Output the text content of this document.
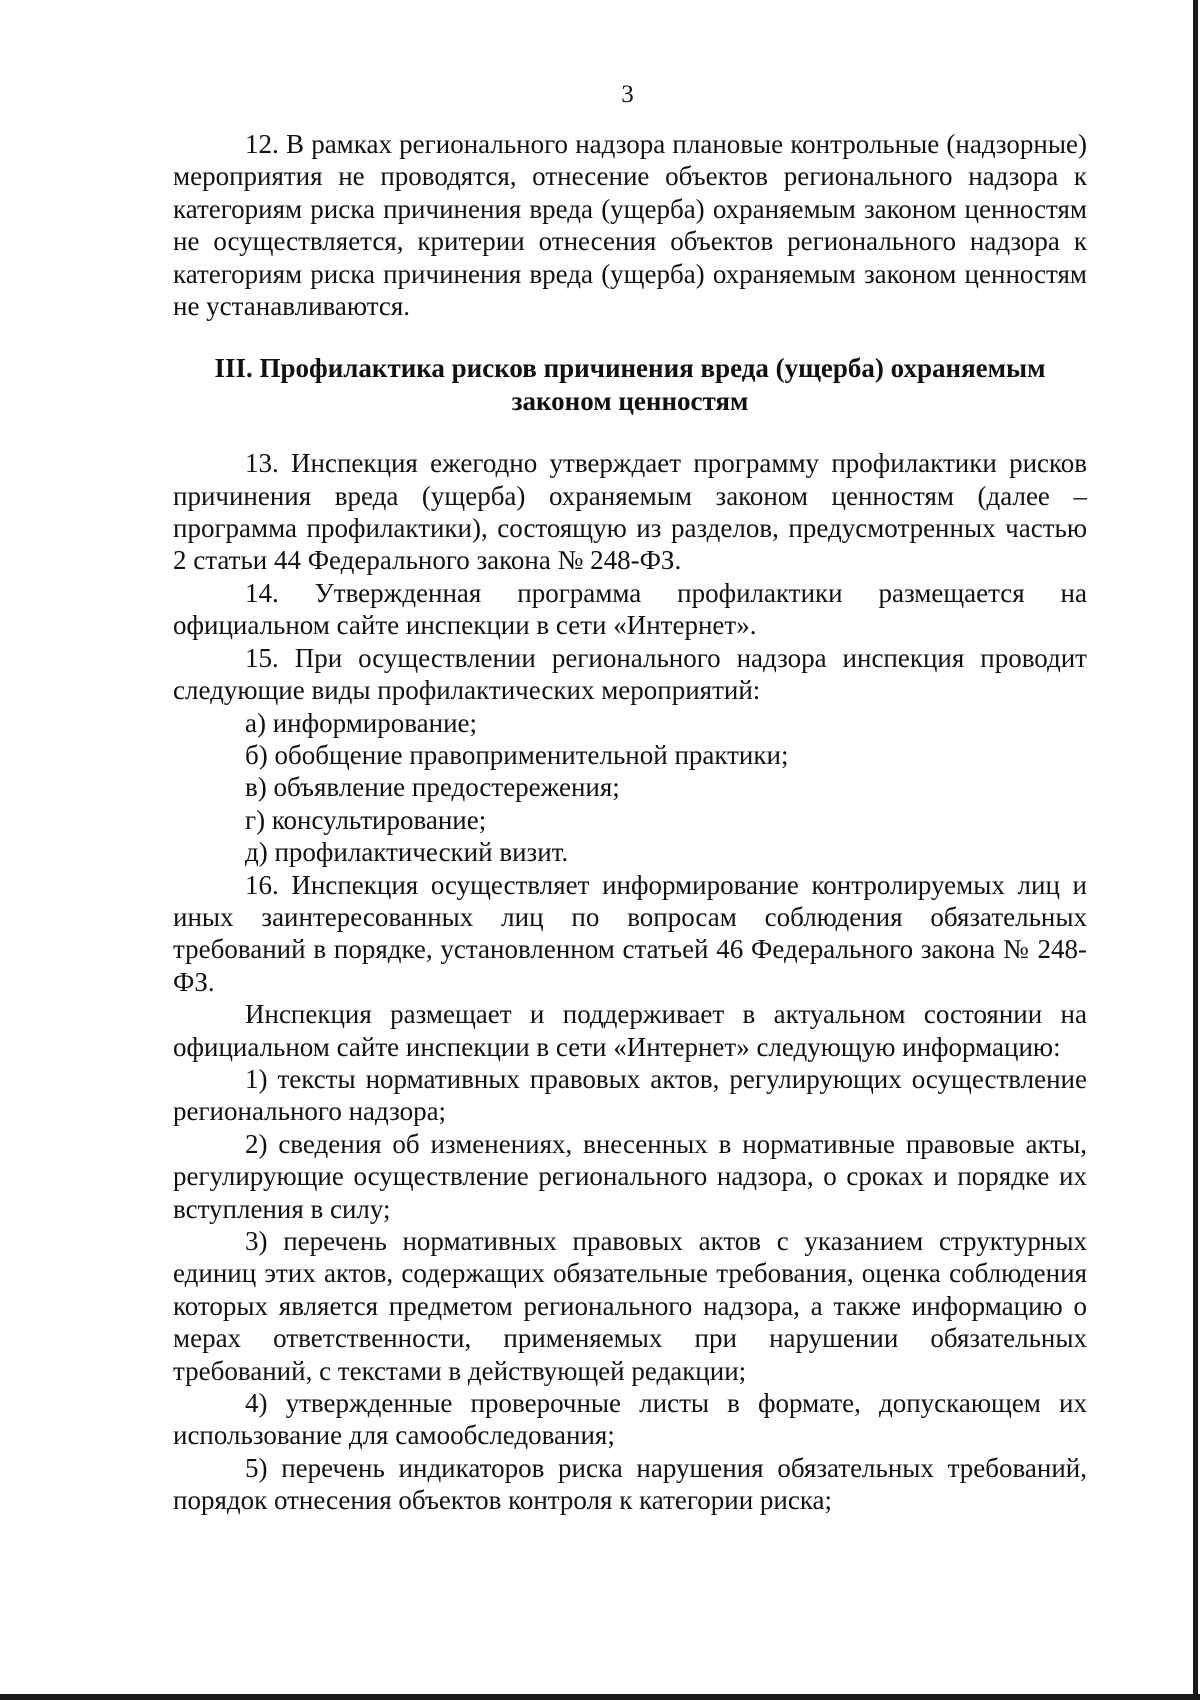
3

12. В рамках регионального надзора плановые контрольные (надзорные) мероприятия не проводятся, отнесение объектов регионального надзора к категориям риска причинения вреда (ущерба) охраняемым законом ценностям не осуществляется, критерии отнесения объектов регионального надзора к категориям риска причинения вреда (ущерба) охраняемым законом ценностям не устанавливаются.

III. Профилактика рисков причинения вреда (ущерба) охраняемым законом ценностям

13. Инспекция ежегодно утверждает программу профилактики рисков причинения вреда (ущерба) охраняемым законом ценностям (далее – программа профилактики), состоящую из разделов, предусмотренных частью 2 статьи 44 Федерального закона № 248-ФЗ.

14. Утвержденная программа профилактики размещается на официальном сайте инспекции в сети «Интернет».

15. При осуществлении регионального надзора инспекция проводит следующие виды профилактических мероприятий:

а) информирование;

б) обобщение правоприменительной практики;

в) объявление предостережения;

г) консультирование;

д) профилактический визит.

16. Инспекция осуществляет информирование контролируемых лиц и иных заинтересованных лиц по вопросам соблюдения обязательных требований в порядке, установленном статьей 46 Федерального закона № 248-ФЗ.

Инспекция размещает и поддерживает в актуальном состоянии на официальном сайте инспекции в сети «Интернет» следующую информацию:

1) тексты нормативных правовых актов, регулирующих осуществление регионального надзора;

2) сведения об изменениях, внесенных в нормативные правовые акты, регулирующие осуществление регионального надзора, о сроках и порядке их вступления в силу;

3) перечень нормативных правовых актов с указанием структурных единиц этих актов, содержащих обязательные требования, оценка соблюдения которых является предметом регионального надзора, а также информацию о мерах ответственности, применяемых при нарушении обязательных требований, с текстами в действующей редакции;

4) утвержденные проверочные листы в формате, допускающем их использование для самообследования;

5) перечень индикаторов риска нарушения обязательных требований, порядок отнесения объектов контроля к категории риска;
